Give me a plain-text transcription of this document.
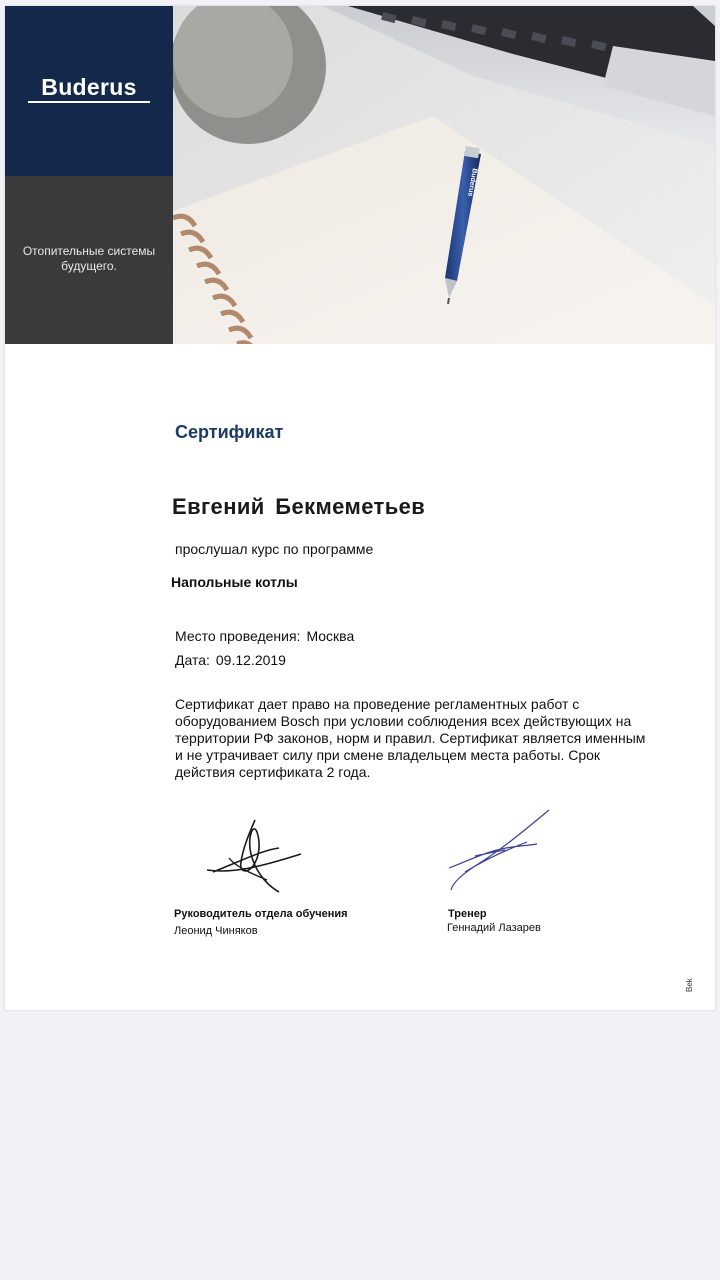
Buderus
Отопительные системы будущего.
Buderus
Сертификат
Евгений Бекмеметьев
прослушал курс по программе
Напольные котлы
Место проведения: Москва
Дата: 09.12.2019
Сертификат дает право на проведение регламентных работ с оборудованием Bosch при условии соблюдения всех действующих на территории РФ законов, норм и правил. Сертификат является именным и не утрачивает силу при смене владельцем места работы. Срок действия сертификата 2 года.
Руководитель отдела обучения
Леонид Чиняков
Тренер
Геннадий Лазарев
Bek
